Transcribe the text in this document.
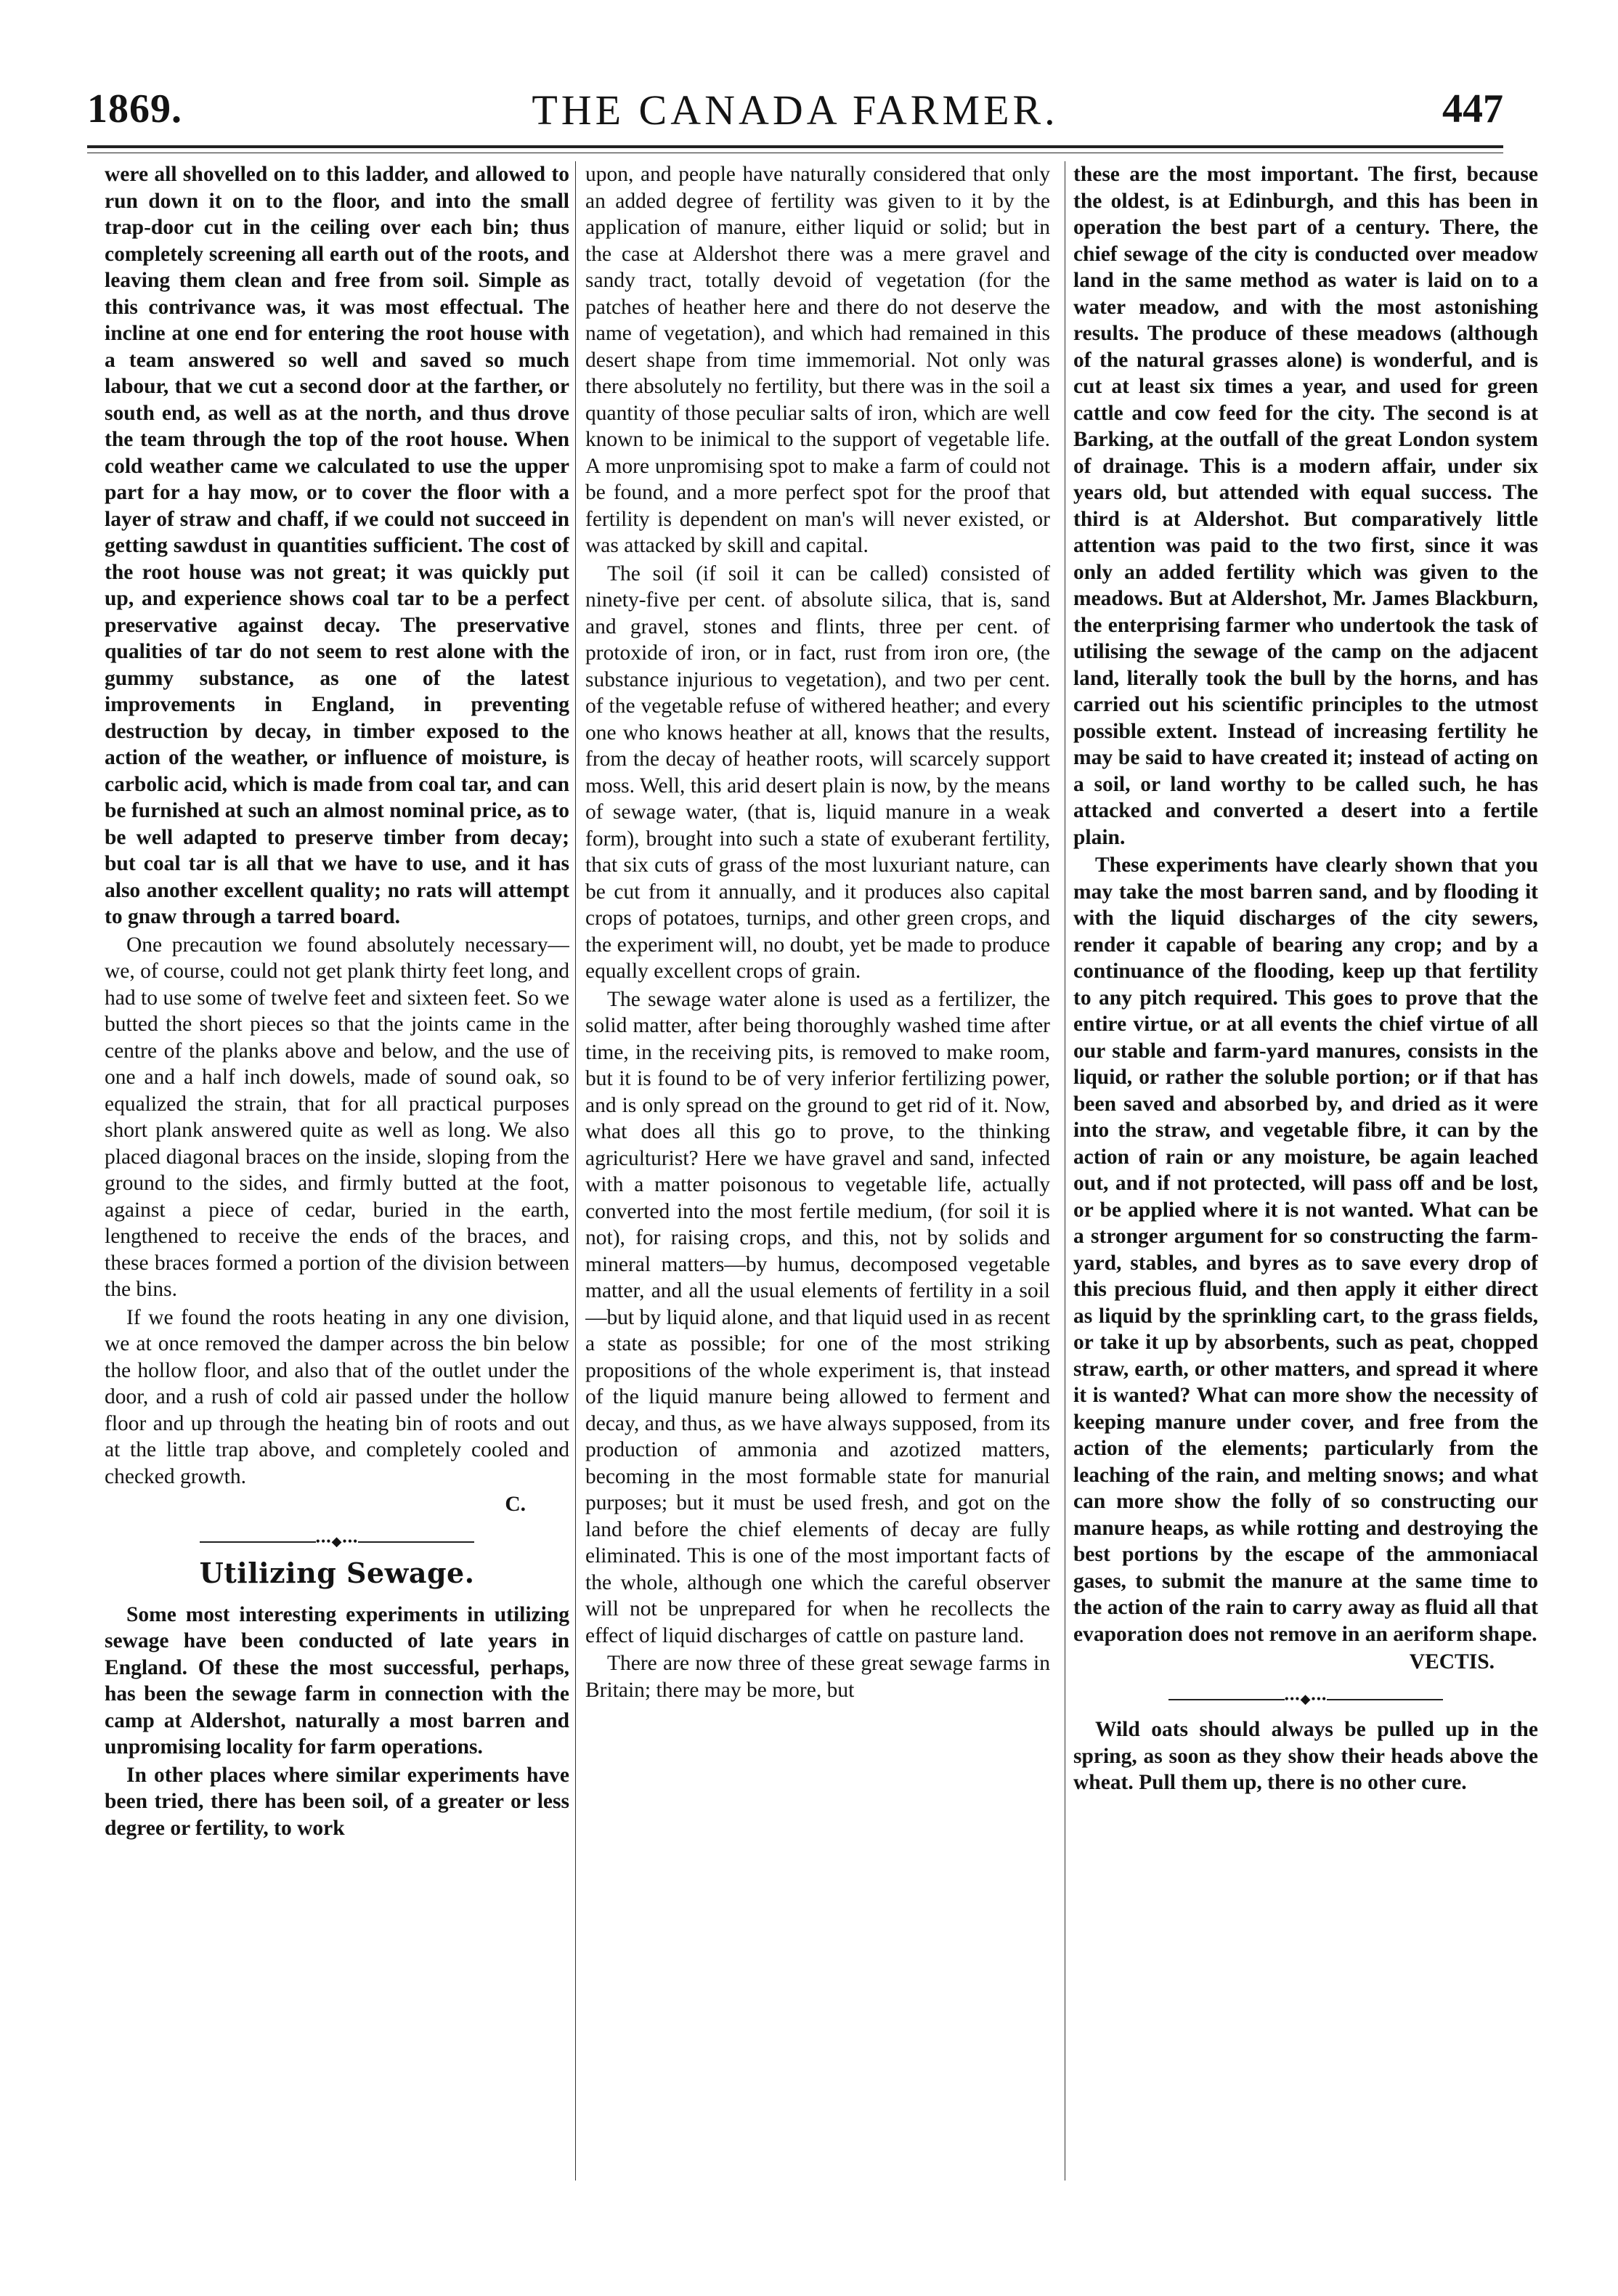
1869.	THE CANADA FARMER.	447

were all shovelled on to this ladder, and allowed to run down it on to the floor, and into the small trap-door cut in the ceiling over each bin; thus completely screening all earth out of the roots, and leaving them clean and free from soil. Simple as this contrivance was, it was most effectual. The incline at one end for entering the root house with a team answered so well and saved so much labour, that we cut a second door at the farther, or south end, as well as at the north, and thus drove the team through the top of the root house. When cold weather came we calculated to use the upper part for a hay mow, or to cover the floor with a layer of straw and chaff, if we could not succeed in getting sawdust in quantities sufficient. The cost of the root house was not great; it was quickly put up, and experience shows coal tar to be a perfect preservative against decay. The preservative qualities of tar do not seem to rest alone with the gummy substance, as one of the latest improvements in England, in preventing destruction by decay, in timber exposed to the action of the weather, or influence of moisture, is carbolic acid, which is made from coal tar, and can be furnished at such an almost nominal price, as to be well adapted to preserve timber from decay; but coal tar is all that we have to use, and it has also another excellent quality; no rats will attempt to gnaw through a tarred board.

One precaution we found absolutely necessary—we, of course, could not get plank thirty feet long, and had to use some of twelve feet and sixteen feet. So we butted the short pieces so that the joints came in the centre of the planks above and below, and the use of one and a half inch dowels, made of sound oak, so equalized the strain, that for all practical purposes short plank answered quite as well as long. We also placed diagonal braces on the inside, sloping from the ground to the sides, and firmly butted at the foot, against a piece of cedar, buried in the earth, lengthened to receive the ends of the braces, and these braces formed a portion of the division between the bins.

If we found the roots heating in any one division, we at once removed the damper across the bin below the hollow floor, and also that of the outlet under the door, and a rush of cold air passed under the hollow floor and up through the heating bin of roots and out at the little trap above, and completely cooled and checked growth.

C.
•••◆•••
Utilizing Sewage.

Some most interesting experiments in utilizing sewage have been conducted of late years in England. Of these the most successful, perhaps, has been the sewage farm in connection with the camp at Aldershot, naturally a most barren and unpromising locality for farm operations.

In other places where similar experiments have been tried, there has been soil, of a greater or less degree or fertility, to work

upon, and people have naturally considered that only an added degree of fertility was given to it by the application of manure, either liquid or solid; but in the case at Aldershot there was a mere gravel and sandy tract, totally devoid of vegetation (for the patches of heather here and there do not deserve the name of vegetation), and which had remained in this desert shape from time immemorial. Not only was there absolutely no fertility, but there was in the soil a quantity of those peculiar salts of iron, which are well known to be inimical to the support of vegetable life. A more unpromising spot to make a farm of could not be found, and a more perfect spot for the proof that fertility is dependent on man's will never existed, or was attacked by skill and capital.

The soil (if soil it can be called) consisted of ninety-five per cent. of absolute silica, that is, sand and gravel, stones and flints, three per cent. of protoxide of iron, or in fact, rust from iron ore, (the substance injurious to vegetation), and two per cent. of the vegetable refuse of withered heather; and every one who knows heather at all, knows that the results, from the decay of heather roots, will scarcely support moss. Well, this arid desert plain is now, by the means of sewage water, (that is, liquid manure in a weak form), brought into such a state of exuberant fertility, that six cuts of grass of the most luxuriant nature, can be cut from it annually, and it produces also capital crops of potatoes, turnips, and other green crops, and the experiment will, no doubt, yet be made to produce equally excellent crops of grain.

The sewage water alone is used as a fertilizer, the solid matter, after being thoroughly washed time after time, in the receiving pits, is removed to make room, but it is found to be of very inferior fertilizing power, and is only spread on the ground to get rid of it. Now, what does all this go to prove, to the thinking agriculturist? Here we have gravel and sand, infected with a matter poisonous to vegetable life, actually converted into the most fertile medium, (for soil it is not), for raising crops, and this, not by solids and mineral matters—by humus, decomposed vegetable matter, and all the usual elements of fertility in a soil—but by liquid alone, and that liquid used in as recent a state as possible; for one of the most striking propositions of the whole experiment is, that instead of the liquid manure being allowed to ferment and decay, and thus, as we have always supposed, from its production of ammonia and azotized matters, becoming in the most formable state for manurial purposes; but it must be used fresh, and got on the land before the chief elements of decay are fully eliminated. This is one of the most important facts of the whole, although one which the careful observer will not be unprepared for when he recollects the effect of liquid discharges of cattle on pasture land.

There are now three of these great sewage farms in Britain; there may be more, but

these are the most important. The first, because the oldest, is at Edinburgh, and this has been in operation the best part of a century. There, the chief sewage of the city is conducted over meadow land in the same method as water is laid on to a water meadow, and with the most astonishing results. The produce of these meadows (although of the natural grasses alone) is wonderful, and is cut at least six times a year, and used for green cattle and cow feed for the city. The second is at Barking, at the outfall of the great London system of drainage. This is a modern affair, under six years old, but attended with equal success. The third is at Aldershot. But comparatively little attention was paid to the two first, since it was only an added fertility which was given to the meadows. But at Aldershot, Mr. James Blackburn, the enterprising farmer who undertook the task of utilising the sewage of the camp on the adjacent land, literally took the bull by the horns, and has carried out his scientific principles to the utmost possible extent. Instead of increasing fertility he may be said to have created it; instead of acting on a soil, or land worthy to be called such, he has attacked and converted a desert into a fertile plain.

These experiments have clearly shown that you may take the most barren sand, and by flooding it with the liquid discharges of the city sewers, render it capable of bearing any crop; and by a continuance of the flooding, keep up that fertility to any pitch required. This goes to prove that the entire virtue, or at all events the chief virtue of all our stable and farm-yard manures, consists in the liquid, or rather the soluble portion; or if that has been saved and absorbed by, and dried as it were into the straw, and vegetable fibre, it can by the action of rain or any moisture, be again leached out, and if not protected, will pass off and be lost, or be applied where it is not wanted. What can be a stronger argument for so constructing the farm-yard, stables, and byres as to save every drop of this precious fluid, and then apply it either direct as liquid by the sprinkling cart, to the grass fields, or take it up by absorbents, such as peat, chopped straw, earth, or other matters, and spread it where it is wanted? What can more show the necessity of keeping manure under cover, and free from the action of the elements; particularly from the leaching of the rain, and melting snows; and what can more show the folly of so constructing our manure heaps, as while rotting and destroying the best portions by the escape of the ammoniacal gases, to submit the manure at the same time to the action of the rain to carry away as fluid all that evaporation does not remove in an aeriform shape.

VECTIS.
•••◆•••

Wild oats should always be pulled up in the spring, as soon as they show their heads above the wheat. Pull them up, there is no other cure.
